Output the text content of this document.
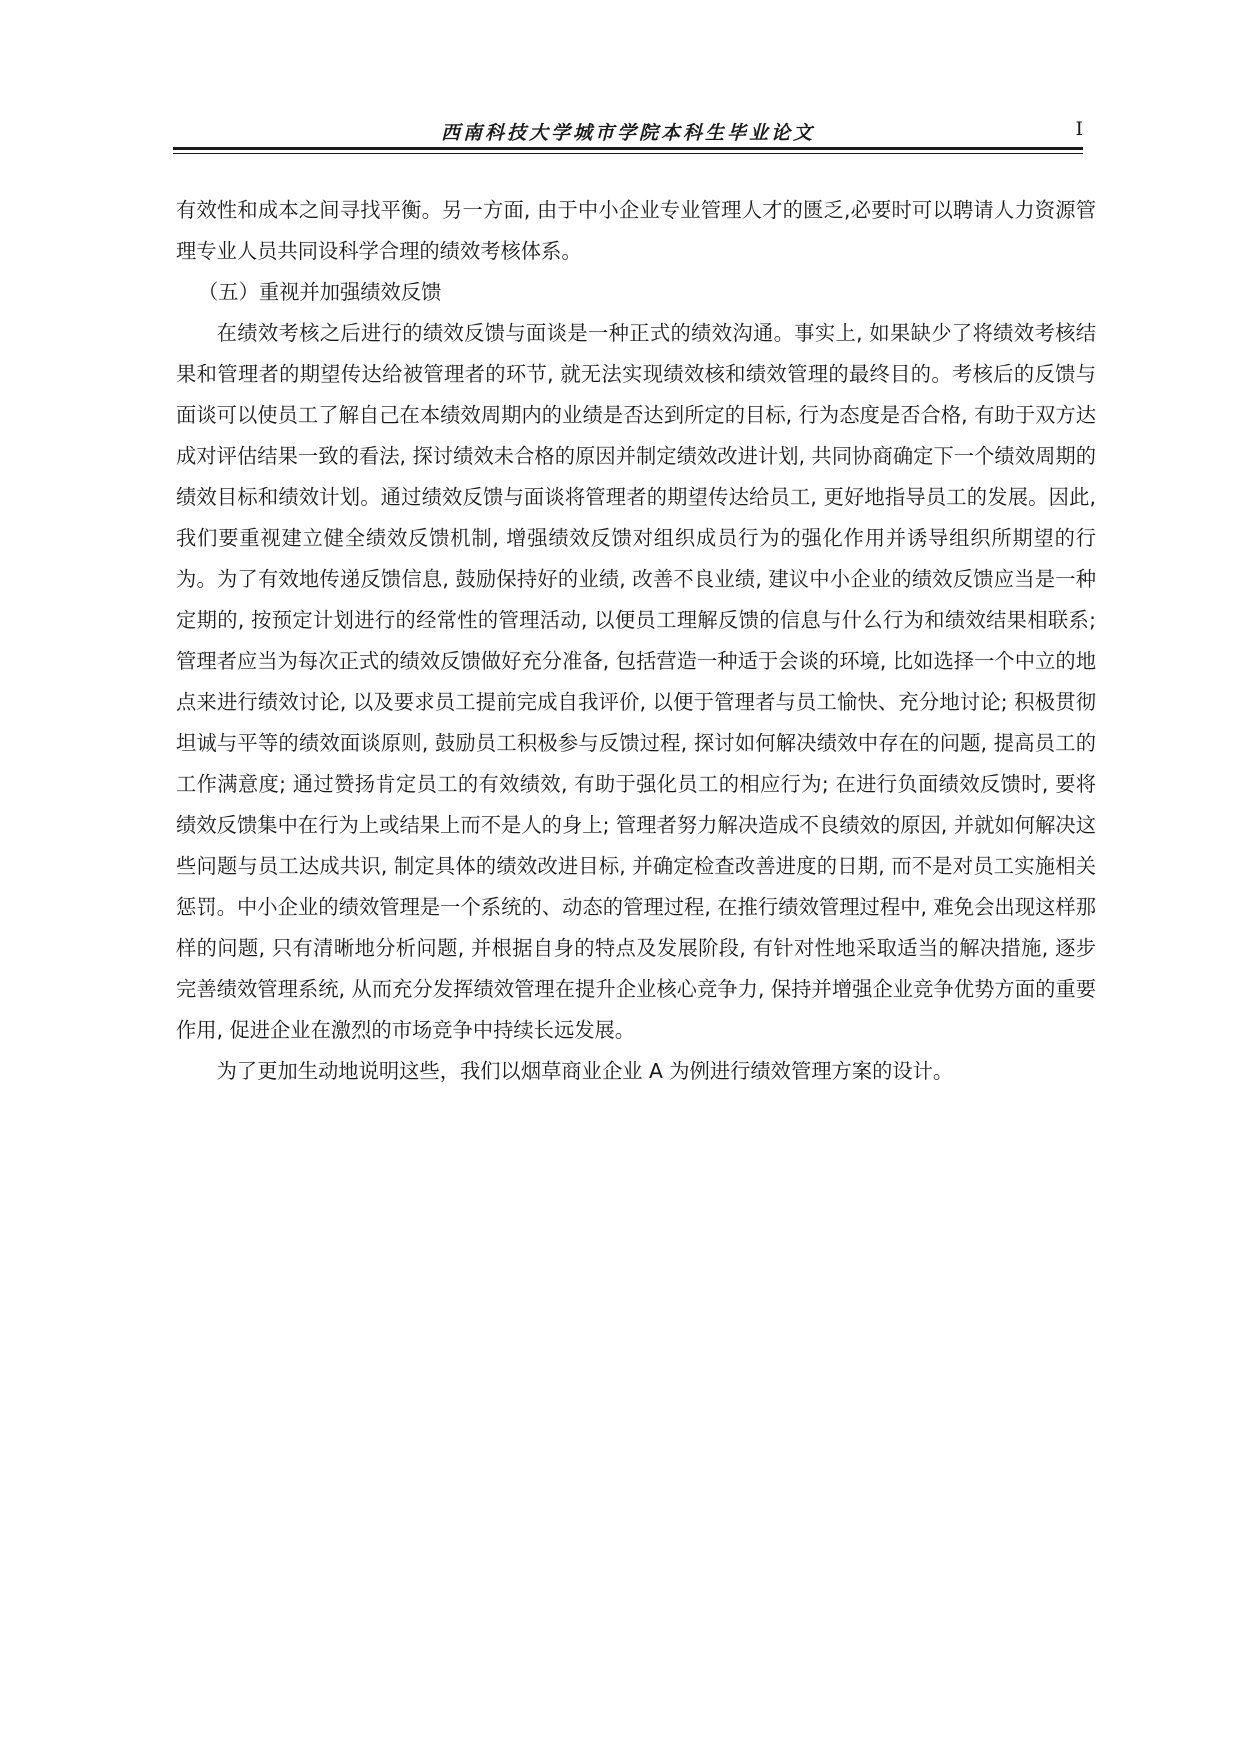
西南科技大学城市学院本科生毕业论文	I

有效性和成本之间寻找平衡。另一方面, 由于中小企业专业管理人才的匮乏,必要时可以聘请人力资源管理专业人员共同设科学合理的绩效考核体系。

（五）重视并加强绩效反馈

在绩效考核之后进行的绩效反馈与面谈是一种正式的绩效沟通。事实上, 如果缺少了将绩效考核结果和管理者的期望传达给被管理者的环节, 就无法实现绩效核和绩效管理的最终目的。考核后的反馈与面谈可以使员工了解自己在本绩效周期内的业绩是否达到所定的目标, 行为态度是否合格, 有助于双方达成对评估结果一致的看法, 探讨绩效未合格的原因并制定绩效改进计划, 共同协商确定下一个绩效周期的绩效目标和绩效计划。通过绩效反馈与面谈将管理者的期望传达给员工, 更好地指导员工的发展。因此, 我们要重视建立健全绩效反馈机制, 增强绩效反馈对组织成员行为的强化作用并诱导组织所期望的行为。为了有效地传递反馈信息, 鼓励保持好的业绩, 改善不良业绩, 建议中小企业的绩效反馈应当是一种定期的, 按预定计划进行的经常性的管理活动, 以便员工理解反馈的信息与什么行为和绩效结果相联系; 管理者应当为每次正式的绩效反馈做好充分准备, 包括营造一种适于会谈的环境, 比如选择一个中立的地点来进行绩效讨论, 以及要求员工提前完成自我评价, 以便于管理者与员工愉快、充分地讨论; 积极贯彻坦诚与平等的绩效面谈原则, 鼓励员工积极参与反馈过程, 探讨如何解决绩效中存在的问题, 提高员工的工作满意度; 通过赞扬肯定员工的有效绩效, 有助于强化员工的相应行为; 在进行负面绩效反馈时, 要将绩效反馈集中在行为上或结果上而不是人的身上; 管理者努力解决造成不良绩效的原因, 并就如何解决这些问题与员工达成共识, 制定具体的绩效改进目标, 并确定检查改善进度的日期, 而不是对员工实施相关惩罚。中小企业的绩效管理是一个系统的、动态的管理过程, 在推行绩效管理过程中, 难免会出现这样那样的问题, 只有清晰地分析问题, 并根据自身的特点及发展阶段, 有针对性地采取适当的解决措施, 逐步完善绩效管理系统, 从而充分发挥绩效管理在提升企业核心竞争力, 保持并增强企业竞争优势方面的重要作用, 促进企业在激烈的市场竞争中持续长远发展。

为了更加生动地说明这些，我们以烟草商业企业 A 为例进行绩效管理方案的设计。
